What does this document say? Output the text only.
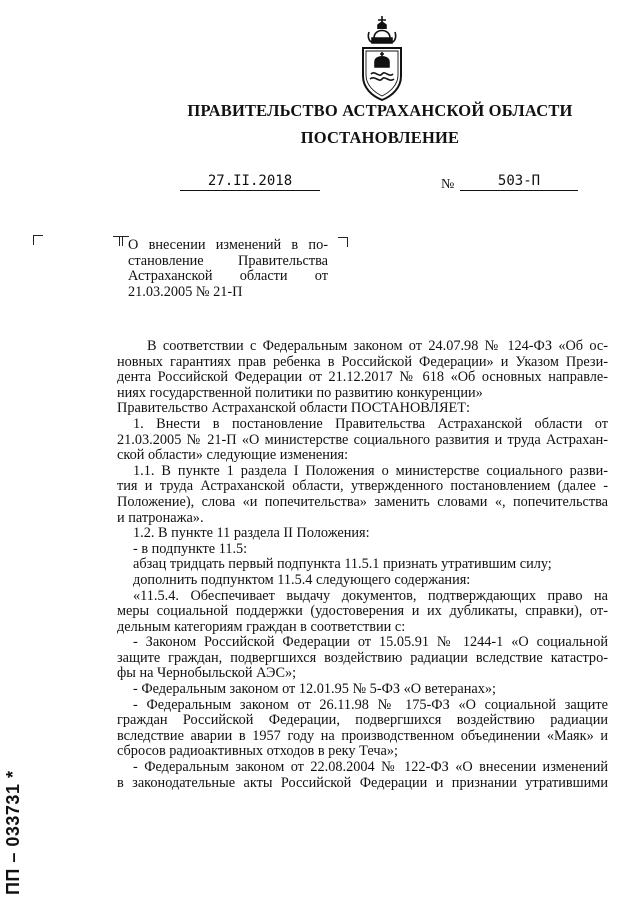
ПРАВИТЕЛЬСТВО АСТРАХАНСКОЙ ОБЛАСТИ
ПОСТАНОВЛЕНИЕ
27.II.2018	№	503-П
О внесении изменений в по-
становление Правительства
Астраханской области от
21.03.2005 № 21-П
В соответствии с Федеральным законом от 24.07.98 № 124-ФЗ «Об ос-
новных гарантиях прав ребенка в Российской Федерации» и Указом Прези-
дента Российской Федерации от 21.12.2017 № 618 «Об основных направле-
ниях государственной политики по развитию конкуренции»
Правительство Астраханской области ПОСТАНОВЛЯЕТ:
1. Внести в постановление Правительства Астраханской области от
21.03.2005 № 21-П «О министерстве социального развития и труда Астрахан-
ской области» следующие изменения:
1.1. В пункте 1 раздела I Положения о министерстве социального разви-
тия и труда Астраханской области, утвержденного постановлением (далее -
Положение), слова «и попечительства» заменить словами «, попечительства
и патронажа».
1.2. В пункте 11 раздела II Положения:
- в подпункте 11.5:
абзац тридцать первый подпункта 11.5.1 признать утратившим силу;
дополнить подпунктом 11.5.4 следующего содержания:
«11.5.4. Обеспечивает выдачу документов, подтверждающих право на
меры социальной поддержки (удостоверения и их дубликаты, справки), от-
дельным категориям граждан в соответствии с:
- Законом Российской Федерации от 15.05.91 № 1244-1 «О социальной
защите граждан, подвергшихся воздействию радиации вследствие катастро-
фы на Чернобыльской АЭС»;
- Федеральным законом от 12.01.95 № 5-ФЗ «О ветеранах»;
- Федеральным законом от 26.11.98 № 175-ФЗ «О социальной защите
граждан Российской Федерации, подвергшихся воздействию радиации
вследствие аварии в 1957 году на производственном объединении «Маяк» и
сбросов радиоактивных отходов в реку Теча»;
- Федеральным законом от 22.08.2004 № 122-ФЗ «О внесении изменений
в законодательные акты Российской Федерации и признании утратившими
ПП – 033731 *
